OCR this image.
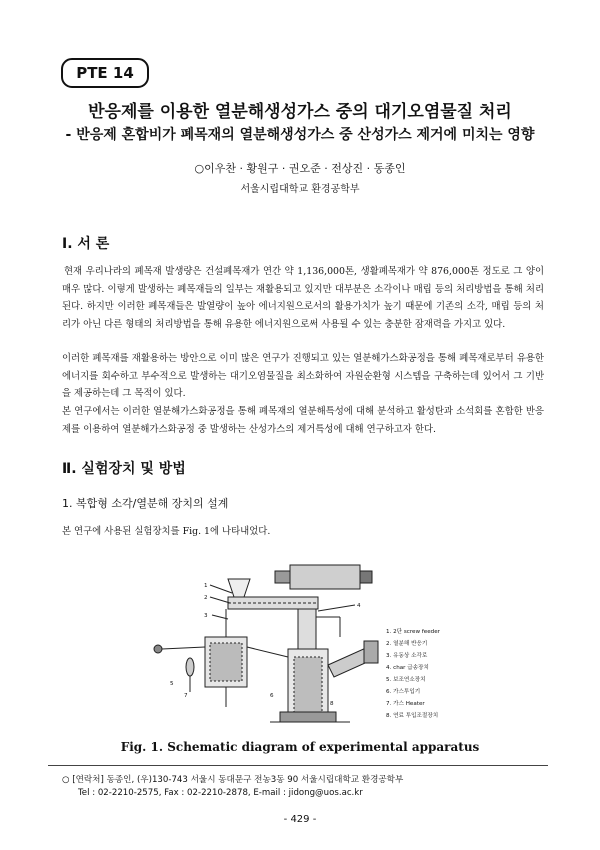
PTE 14
반응제를 이용한 열분해생성가스 중의 대기오염물질 처리
- 반응제 혼합비가 폐목재의 열분해생성가스 중 산성가스 제거에 미치는 영향
○이우찬 · 황원구 · 권오준 · 전상진 · 동종인
서울시립대학교 환경공학부
Ⅰ. 서 론
현재 우리나라의 폐목재 발생량은 건설폐목재가 연간 약 1,136,000톤, 생활폐목재가 약 876,000톤 정도로 그 양이 매우 많다. 이렇게 발생하는 폐목재들의 일부는 재활용되고 있지만 대부분은 소각이나 매립 등의 처리방법을 통해 처리된다. 하지만 이러한 폐목재들은 발열량이 높아 에너지원으로서의 활용가치가 높기 때문에 기존의 소각, 매립 등의 처리가 아닌 다른 형태의 처리방법을 통해 유용한 에너지원으로써 사용될 수 있는 충분한 잠재력을 가지고 있다.
이러한 폐목재를 재활용하는 방안으로 이미 많은 연구가 진행되고 있는 열분해가스화공정을 통해 폐목재로부터 유용한 에너지를 회수하고 부수적으로 발생하는 대기오염물질을 최소화하여 자원순환형 시스템을 구축하는데 있어서 그 기반을 제공하는데 그 목적이 있다.
본 연구에서는 이러한 열분해가스화공정을 통해 폐목재의 열분해특성에 대해 분석하고 활성탄과 소석회를 혼합한 반응제를 이용하여 열분해가스화공정 중 발생하는 산성가스의 제거특성에 대해 연구하고자 한다.
Ⅱ. 실험장치 및 방법
1. 복합형 소각/열분해 장치의 설계
본 연구에 사용된 실험장치를 Fig. 1에 나타내었다.
1
2
3
4
5
6
7
8
1. 2단 screw feeder
2. 열분해 반응기
3. 유동상 소각로
4. char 급송장치
5. 보조연소장치
6. 가스투입기
7. 가스 Heater
8. 연료 투입조절장치
Fig. 1. Schematic diagram of experimental apparatus
○ [연락처] 동종인, (우)130-743 서울시 동대문구 전농3동 90 서울시립대학교 환경공학부
Tel : 02-2210-2575, Fax : 02-2210-2878, E-mail : jidong@uos.ac.kr
- 429 -
